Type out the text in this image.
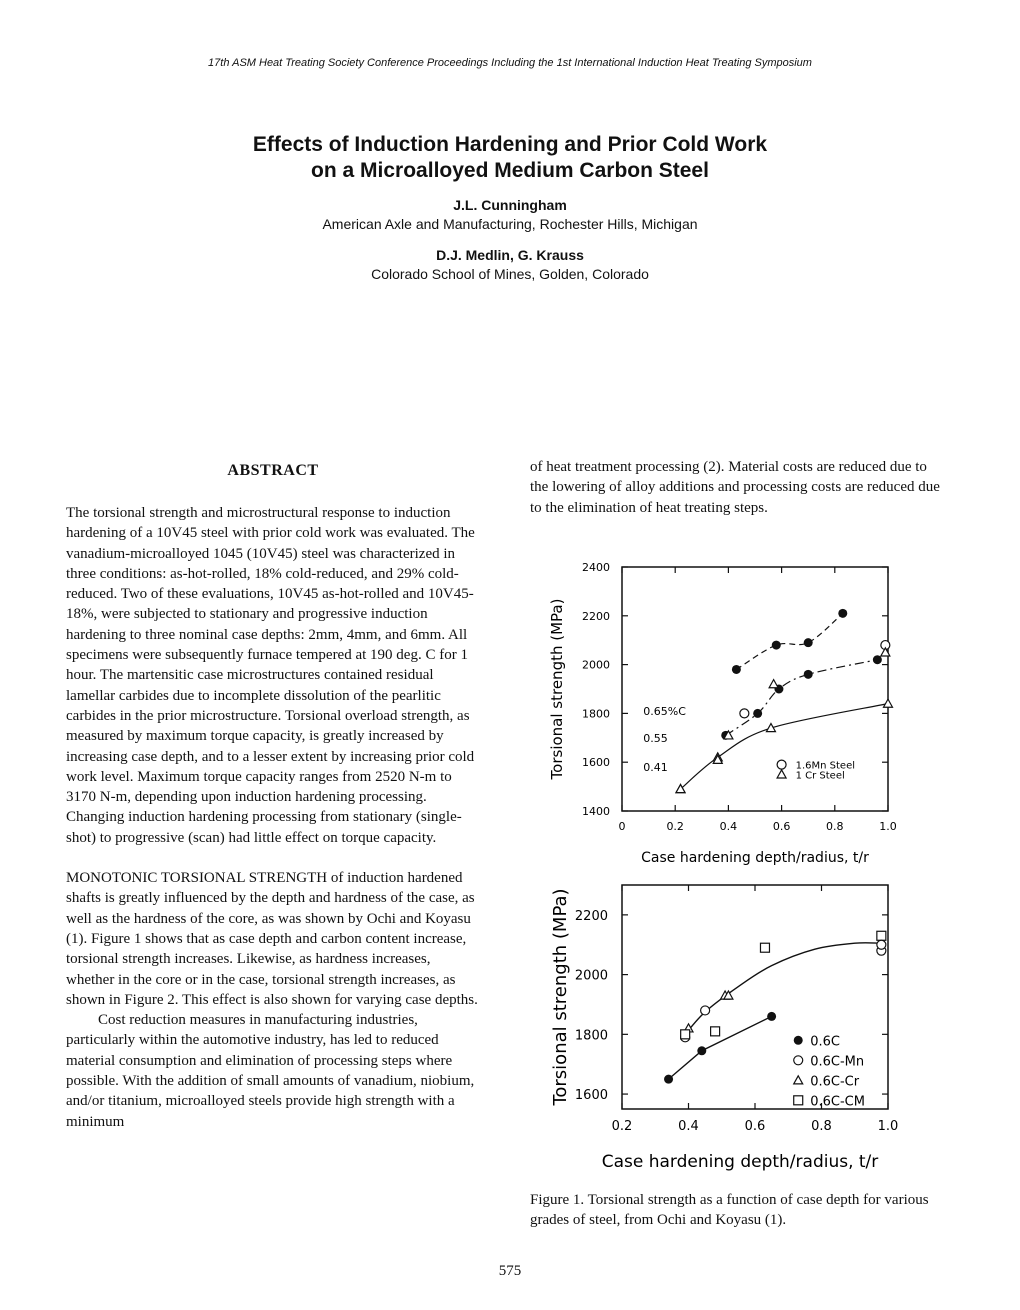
17th ASM Heat Treating Society Conference Proceedings Including the 1st International Induction Heat Treating Symposium
Effects of Induction Hardening and Prior Cold Work
on a Microalloyed Medium Carbon Steel
J.L. Cunningham
American Axle and Manufacturing, Rochester Hills, Michigan
D.J. Medlin, G. Krauss
Colorado School of Mines, Golden, Colorado
ABSTRACT

The torsional strength and microstructural response to induction hardening of a 10V45 steel with prior cold work was evaluated. The vanadium-microalloyed 1045 (10V45) steel was characterized in three conditions: as-hot-rolled, 18% cold-reduced, and 29% cold-reduced. Two of these evaluations, 10V45 as-hot-rolled and 10V45-18%, were subjected to stationary and progressive induction hardening to three nominal case depths: 2mm, 4mm, and 6mm. All specimens were subsequently furnace tempered at 190 deg. C for 1 hour. The martensitic case microstructures contained residual lamellar carbides due to incomplete dissolution of the pearlitic carbides in the prior microstructure. Torsional overload strength, as measured by maximum torque capacity, is greatly increased by increasing case depth, and to a lesser extent by increasing prior cold work level. Maximum torque capacity ranges from 2520 N-m to 3170 N-m, depending upon induction hardening processing. Changing induction hardening processing from stationary (single-shot) to progressive (scan) had little effect on torque capacity.

MONOTONIC TORSIONAL STRENGTH of induction hardened shafts is greatly influenced by the depth and hardness of the case, as well as the hardness of the core, as was shown by Ochi and Koyasu (1). Figure 1 shows that as case depth and carbon content increase, torsional strength increases. Likewise, as hardness increases, whether in the core or in the case, torsional strength increases, as shown in Figure 2. This effect is also shown for varying case depths.

Cost reduction measures in manufacturing industries, particularly within the automotive industry, has led to reduced material consumption and elimination of processing steps where possible. With the addition of small amounts of vanadium, niobium, and/or titanium, microalloyed steels provide high strength with a minimum

of heat treatment processing (2). Material costs are reduced due to the lowering of alloy additions and processing costs are reduced due to the elimination of heat treating steps.

1400
1600
1800
2000
2200
2400
0	0.2	0.4	0.6	0.8	1.0
Torsional strength (MPa)
Case hardening depth/radius, t/r
0.65%C
0.55
0.41	1.6Mn Steel
1 Cr Steel
1600
1800
2000
2200
0.2	0.4	0.6	0.8	1.0
Torsional strength (MPa)
Case hardening depth/radius, t/r
0.6C
0.6C-Mn
0.6C-Cr
0.6C-CM
Figure 1. Torsional strength as a function of case depth for various grades of steel, from Ochi and Koyasu (1).
575
